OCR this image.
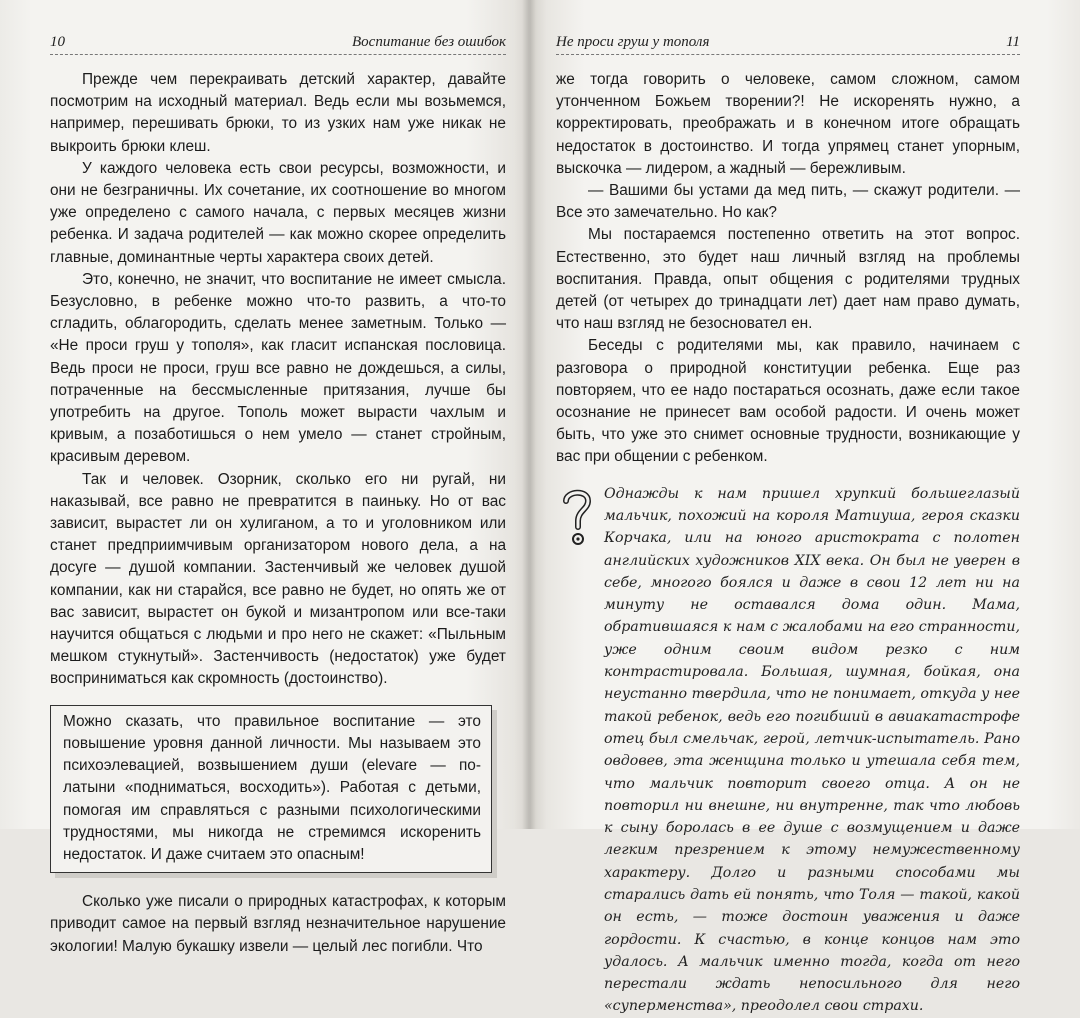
10	Воспитание без ошибок

Прежде чем перекраивать детский характер, давайте посмотрим на исходный материал. Ведь если мы возьмемся, например, перешивать брюки, то из узких нам уже никак не выкроить брюки клеш.

У каждого человека есть свои ресурсы, возможности, и они не безграничны. Их сочетание, их соотношение во многом уже определено с самого начала, с первых месяцев жизни ребенка. И задача родителей — как можно скорее определить главные, доминантные черты характера своих детей.

Это, конечно, не значит, что воспитание не имеет смысла. Безусловно, в ребенке можно что-то развить, а что-то сгладить, облагородить, сделать менее заметным. Только — «Не проси груш у тополя», как гласит испанская пословица. Ведь проси не проси, груш все равно не дождешься, а силы, потраченные на бессмысленные притязания, лучше бы употребить на другое. Тополь может вырасти чахлым и кривым, а позаботишься о нем умело — станет стройным, красивым деревом.

Так и человек. Озорник, сколько его ни ругай, ни наказывай, все равно не превратится в паиньку. Но от вас зависит, вырастет ли он хулиганом, а то и уголовником или станет предприимчивым организатором нового дела, а на досуге — душой компании. Застенчивый же человек душой компании, как ни старайся, все равно не будет, но опять же от вас зависит, вырастет он букой и мизантропом или все-таки научится общаться с людьми и про него не скажет: «Пыльным мешком стукнутый». Застенчивость (недостаток) уже будет восприниматься как скромность (достоинство).

Можно сказать, что правильное воспитание — это повышение уровня данной личности. Мы называем это психоэлевацией, возвышением души (elevare — по-латыни «подниматься, восходить»). Работая с детьми, помогая им справляться с разными психологическими трудностями, мы никогда не стремимся искоренить недостаток. И даже считаем это опасным!

Сколько уже писали о природных катастрофах, к которым приводит самое на первый взгляд незначительное нарушение экологии! Малую букашку извели — целый лес погибли. Что

Не проси груш у тополя	11

же тогда говорить о человеке, самом сложном, самом утонченном Божьем творении?! Не искоренять нужно, а корректировать, преображать и в конечном итоге обращать недостаток в достоинство. И тогда упрямец станет упорным, выскочка — лидером, а жадный — бережливым.

— Вашими бы устами да мед пить, — скажут родители. — Все это замечательно. Но как?

Мы постараемся постепенно ответить на этот вопрос. Естественно, это будет наш личный взгляд на проблемы воспитания. Правда, опыт общения с родителями трудных детей (от четырех до тринадцати лет) дает нам право думать, что наш взгляд не безосновател ен.

Беседы с родителями мы, как правило, начинаем с разговора о природной конституции ребенка. Еще раз повторяем, что ее надо постараться осознать, даже если такое осознание не принесет вам особой радости. И очень может быть, что уже это снимет основные трудности, возникающие у вас при общении с ребенком.

Однажды к нам пришел хрупкий большеглазый мальчик, похожий на короля Матиуша, героя сказки Корчака, или на юного аристократа с полотен английских художников XIX века. Он был не уверен в себе, многого боялся и даже в свои 12 лет ни на минуту не оставался дома один. Мама, обратившаяся к нам с жалобами на его странности, уже одним своим видом резко с ним контрастировала. Большая, шумная, бойкая, она неустанно твердила, что не понимает, откуда у нее такой ребенок, ведь его погибший в авиакатастрофе отец был смельчак, герой, летчик-испытатель. Рано овдовев, эта женщина только и утешала себя тем, что мальчик повторит своего отца. А он не повторил ни внешне, ни внутренне, так что любовь к сыну боролась в ее душе с возмущением и даже легким презрением к этому немужественному характеру. Долго и разными способами мы старались дать ей понять, что Толя — такой, какой он есть, — тоже достоин уважения и даже гордости. К счастью, в конце концов нам это удалось. А мальчик именно тогда, когда от него перестали ждать непосильного для него «суперменства», преодолел свои страхи.
